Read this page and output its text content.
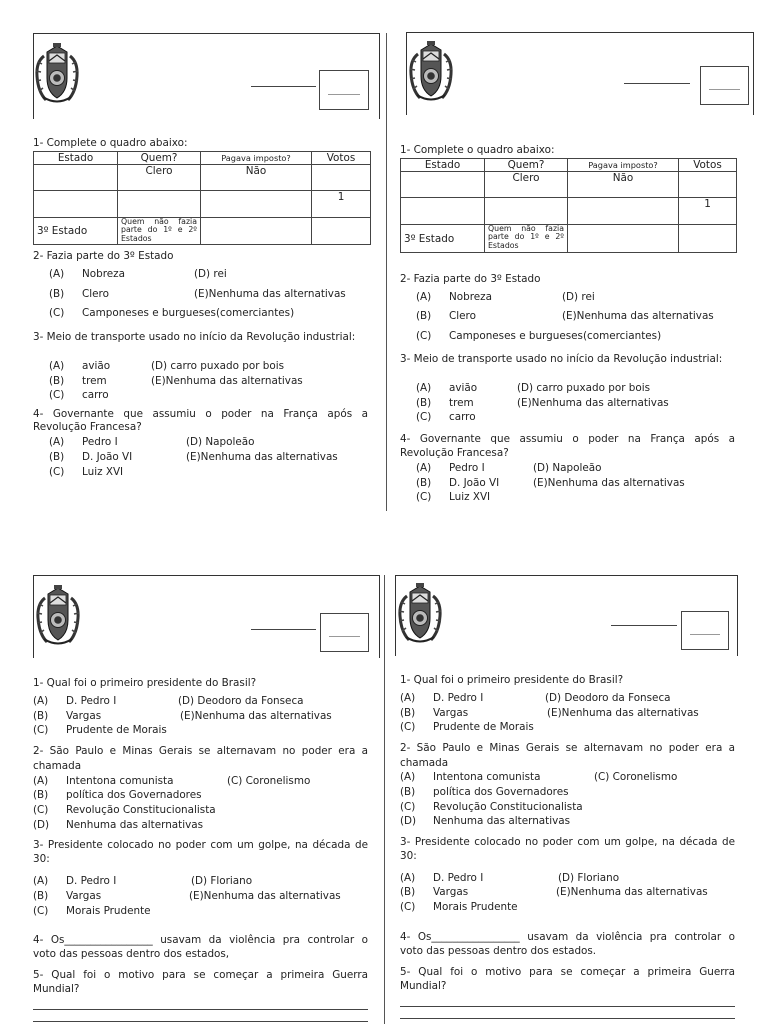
1- Complete o quadro abaixo:
Estado	Quem?	Pagava imposto?	Votos
	Clero	Não	
			1
3º Estado	Quem não fazia parte do 1º e 2º Estados		
2- Fazia parte do 3º Estado
(A) Nobreza	(D) rei
(B) Clero	(E)Nenhuma das alternativas
(C) Camponeses e burgueses(comerciantes)
3- Meio de transporte usado no início da Revolução industrial:
(A) avião	(D) carro puxado por bois
(B) trem	(E)Nenhuma das alternativas
(C) carro
4- Governante que assumiu o poder na França após a
Revolução Francesa?
(A) Pedro I	(D) Napoleão
(B) D. João VI	(E)Nenhuma das alternativas
(C) Luiz XVI
1- Complete o quadro abaixo:
Estado	Quem?	Pagava imposto?	Votos
	Clero	Não	
			1
3º Estado	Quem não fazia parte do 1º e 2º Estados		
2- Fazia parte do 3º Estado
(A) Nobreza	(D) rei
(B) Clero	(E)Nenhuma das alternativas
(C) Camponeses e burgueses(comerciantes)
3- Meio de transporte usado no início da Revolução industrial:
(A) avião	(D) carro puxado por bois
(B) trem	(E)Nenhuma das alternativas
(C) carro
4- Governante que assumiu o poder na França após a
Revolução Francesa?
(A) Pedro I	(D) Napoleão
(B) D. João VI	(E)Nenhuma das alternativas
(C) Luiz XVI
1- Qual foi o primeiro presidente do Brasil?
(A) D. Pedro I	(D) Deodoro da Fonseca
(B) Vargas	(E)Nenhuma das alternativas
(C) Prudente de Morais
2- São Paulo e Minas Gerais se alternavam no poder era a
chamada
(A) Intentona comunista	(C) Coronelismo
(B) política dos Governadores
(C) Revolução Constitucionalista
(D) Nenhuma das alternativas
3- Presidente colocado no poder com um golpe, na década de
30:
(A) D. Pedro I	(D) Floriano
(B) Vargas	(E)Nenhuma das alternativas
(C) Morais Prudente
4- Os_________________ usavam da violência pra controlar o
voto das pessoas dentro dos estados,
5- Qual foi o motivo para se começar a primeira Guerra
Mundial?
1- Qual foi o primeiro presidente do Brasil?
(A) D. Pedro I	(D) Deodoro da Fonseca
(B) Vargas	(E)Nenhuma das alternativas
(C) Prudente de Morais
2- São Paulo e Minas Gerais se alternavam no poder era a
chamada
(A) Intentona comunista	(C) Coronelismo
(B) política dos Governadores
(C) Revolução Constitucionalista
(D) Nenhuma das alternativas
3- Presidente colocado no poder com um golpe, na década de
30:
(A) D. Pedro I	(D) Floriano
(B) Vargas	(E)Nenhuma das alternativas
(C) Morais Prudente
4- Os_________________ usavam da violência pra controlar o
voto das pessoas dentro dos estados.
5- Qual foi o motivo para se começar a primeira Guerra
Mundial?
